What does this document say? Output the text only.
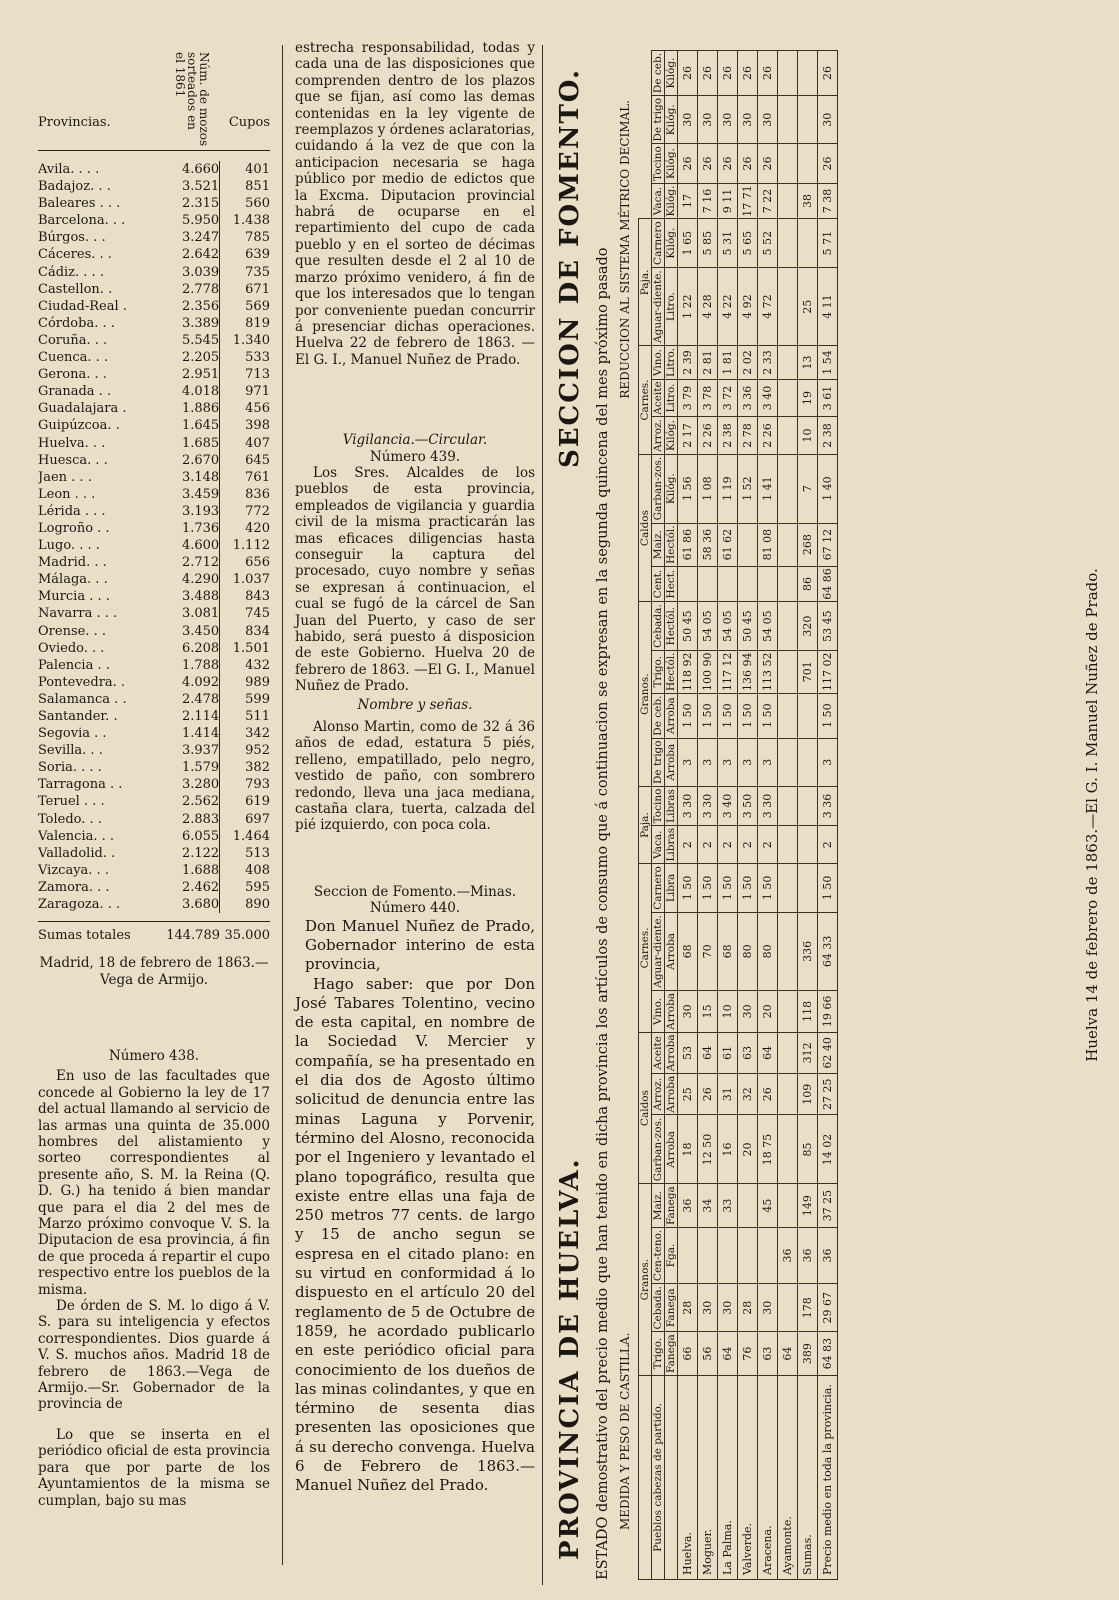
Provincias.
Núm. de mozos
sorteados en
el 1861
Cupos
Avila. . . .	4.660	401
Badajoz. . .	3.521	851
Baleares . . .	2.315	560
Barcelona. . .	5.950	1.438
Búrgos. . .	3.247	785
Cáceres. . .	2.642	639
Cádiz. . . .	3.039	735
Castellon. .	2.778	671
Ciudad-Real .	2.356	569
Córdoba. . .	3.389	819
Coruña. . .	5.545	1.340
Cuenca. . .	2.205	533
Gerona. . .	2.951	713
Granada . .	4.018	971
Guadalajara .	1.886	456
Guipúzcoa. .	1.645	398
Huelva. . .	1.685	407
Huesca. . .	2.670	645
Jaen . . .	3.148	761
Leon . . .	3.459	836
Lérida . . .	3.193	772
Logroño . .	1.736	420
Lugo. . . .	4.600	1.112
Madrid. . .	2.712	656
Málaga. . .	4.290	1.037
Murcia . . .	3.488	843
Navarra . . .	3.081	745
Orense. . .	3.450	834
Oviedo. . .	6.208	1.501
Palencia . .	1.788	432
Pontevedra. .	4.092	989
Salamanca . .	2.478	599
Santander. .	2.114	511
Segovia . .	1.414	342
Sevilla. . .	3.937	952
Soria. . . .	1.579	382
Tarragona . .	3.280	793
Teruel . . .	2.562	619
Toledo. . .	2.883	697
Valencia. . .	6.055	1.464
Valladolid. .	2.122	513
Vizcaya. . .	1.688	408
Zamora. . .	2.462	595
Zaragoza. . .	3.680	890
Sumas totales	144.789 35.000

Madrid, 18 de febrero de 1863.—Vega de Armijo.

Número 438.

En uso de las facultades que concede al Gobierno la ley de 17 del actual llamando al servicio de las armas una quinta de 35.000 hombres del alistamiento y sorteo correspondientes al presente año, S. M. la Reina (Q. D. G.) ha tenido á bien mandar que para el dia 2 del mes de Marzo próximo convoque V. S. la Diputacion de esa provincia, á fin de que proceda á repartir el cupo respectivo entre los pueblos de la misma.

De órden de S. M. lo digo á V. S. para su inteligencia y efectos correspondientes. Dios guarde á V. S. muchos años. Madrid 18 de febrero de 1863.—Vega de Armijo.—Sr. Gobernador de la provincia de

Lo que se inserta en el periódico oficial de esta provincia para que por parte de los Ayuntamientos de la misma se cumplan, bajo su mas

estrecha responsabilidad, todas y cada una de las disposiciones que comprenden dentro de los plazos que se fijan, así como las demas contenidas en la ley vigente de reemplazos y órdenes aclaratorias, cuidando á la vez de que con la anticipacion necesaria se haga público por medio de edictos que la Excma. Diputacion provincial habrá de ocuparse en el repartimiento del cupo de cada pueblo y en el sorteo de décimas que resulten desde el 2 al 10 de marzo próximo venidero, á fin de que los interesados que lo tengan por conveniente puedan concurrir á presenciar dichas operaciones. Huelva 22 de febrero de 1863. —El G. I., Manuel Nuñez de Prado.

Vigilancia.—Circular.

Número 439.

Los Sres. Alcaldes de los pueblos de esta provincia, empleados de vigilancia y guardia civil de la misma practicarán las mas eficaces diligencias hasta conseguir la captura del procesado, cuyo nombre y señas se expresan á continuacion, el cual se fugó de la cárcel de San Juan del Puerto, y caso de ser habido, será puesto á disposicion de este Gobierno. Huelva 20 de febrero de 1863. —El G. I., Manuel Nuñez de Prado.

Nombre y señas.

Alonso Martin, como de 32 á 36 años de edad, estatura 5 piés, relleno, empatillado, pelo negro, vestido de paño, con sombrero redondo, lleva una jaca mediana, castaña clara, tuerta, calzada del pié izquierdo, con poca cola.

Seccion de Fomento.—Minas.

Número 440.

Don Manuel Nuñez de Prado, Gobernador interino de esta provincia,

Hago saber: que por Don José Tabares Tolentino, vecino de esta capital, en nombre de la Sociedad V. Mercier y compañía, se ha presentado en el dia dos de Agosto último solicitud de denuncia entre las minas Laguna y Porvenir, término del Alosno, reconocida por el Ingeniero y levantado el plano topográfico, resulta que existe entre ellas una faja de 250 metros 77 cents. de largo y 15 de ancho segun se espresa en el citado plano: en su virtud en conformidad á lo dispuesto en el artículo 20 del reglamento de 5 de Octubre de 1859, he acordado publicarlo en este periódico oficial para conocimiento de los dueños de las minas colindantes, y que en término de sesenta dias presenten las oposiciones que á su derecho convenga. Huelva 6 de Febrero de 1863.— Manuel Nuñez del Prado.	PROVINCIA DE HUELVA.
SECCION DE FOMENTO. ESTADO demostrativo del precio medio que han tenido en dicha provincia los artículos de consumo que á continuacion se expresan en la segunda quincena del mes próximo pasado MEDIDA Y PESO DE CASTILLA.
REDUCCION AL SISTEMA MÉTRICO DECIMAL.
	Granos.				Caldos			Carnes.			Paja.		Granos.				Caldos			Carnes.			Paja.					
Pueblos cabezas de partido.	Trigo.	Cebada.	Cen-teno.	Maiz.	Garban-zos.	Arroz.	Aceite	Vino.	Aguar-diente.	Carnero	Vaca.	Tocino	De trigo	De ceb.	Trigo.	Cebada.	Cent.	Maiz.	Garban-zos.	Arroz.	Aceite	Vino.	Aguar-diente.	Carnero	Vaca.	Tocino	De trigo	De ceb.
	Fanega	Fanega	Fga.	Fanega	Arroba	Arroba	Arroba	Arroba	Arroba	Libra	Libras	Libras	Arroba	Arroba	Hectól.	Hectól.	Hect.	Hectól.	Kilóg.	Kilóg.	Litro.	Litro.	Litro.	Kilóg.	Kilóg.	Kilóg.	Kilóg.	Kilóg.
Huelva.	66	28		36	18	25	53	30	68	1 50	2	3 30	3	1 50	118 92	50 45		61 86	1 56	2 17	3 79	2 39	1 22	1 65	17	26	30	26
Moguer.	56	30		34	12 50	26	64	15	70	1 50	2	3 30	3	1 50	100 90	54 05		58 36	1 08	2 26	3 78	2 81	4 28	5 85	7 16	26	30	26
La Palma.	64	30		33	16	31	61	10	68	1 50	2	3 40	3	1 50	117 12	54 05		61 62	1 19	2 38	3 72	1 81	4 22	5 31	9 11	26	30	26
Valverde.	76	28			20	32	63	30	80	1 50	2	3 50	3	1 50	136 94	50 45			1 52	2 78	3 36	2 02	4 92	5 65	17 71	26	30	26
Aracena.	63	30		45	18 75	26	64	20	80	1 50	2	3 30	3	1 50	113 52	54 05		81 08	1 41	2 26	3 40	2 33	4 72	5 52	7 22	26	30	26
Ayamonte.	64		36																									
Sumas.	389	178	36	149	85	109	312	118	336						701	320	86	268	7	10	19	13	25		38			
Precio medio en toda la provincia.	64 83	29 67	36	37 25	14 02	27 25	62 40	19 66	64 33	1 50	2	3 36	3	1 50	117 02	53 45	64 86	67 12	1 40	2 38	3 61	1 54	4 11	5 71	7 38	26	30	26
Huelva 14 de febrero de 1863.—El G. I. Manuel Nuñez de Prado.
